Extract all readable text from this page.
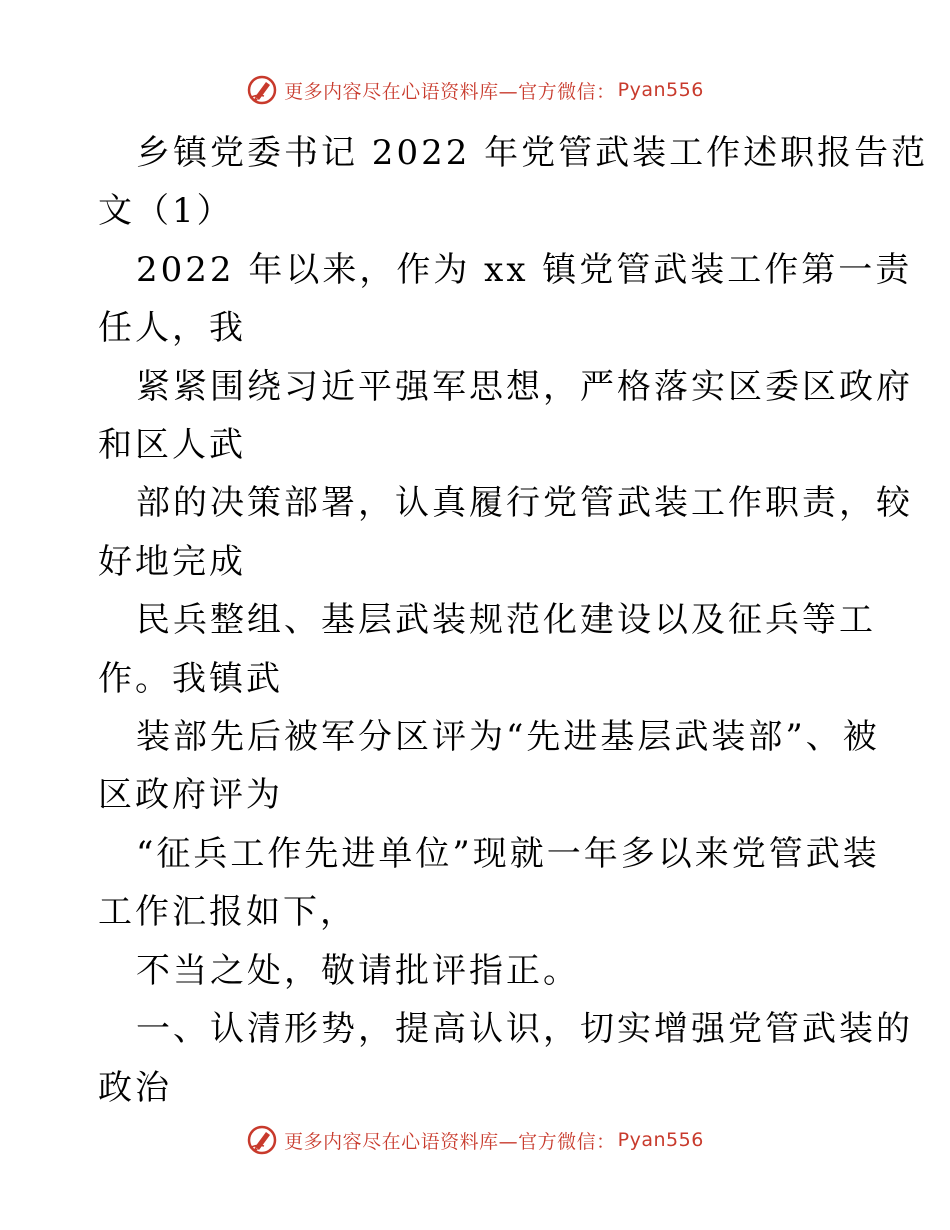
更多内容尽在心语资料库—官方微信： Pyan556

乡镇党委书记 2022 年党管武装工作述职报告范

文（1）

2022 年以来，作为 xx 镇党管武装工作第一责

任人，我

紧紧围绕习近平强军思想，严格落实区委区政府

和区人武

部的决策部署，认真履行党管武装工作职责，较

好地完成

民兵整组、基层武装规范化建设以及征兵等工

作。我镇武

装部先后被军分区评为“先进基层武装部”、被

区政府评为

“征兵工作先进单位”现就一年多以来党管武装

工作汇报如下，

不当之处，敬请批评指正。

一、认清形势，提高认识，切实增强党管武装的

政治

更多内容尽在心语资料库—官方微信： Pyan556
